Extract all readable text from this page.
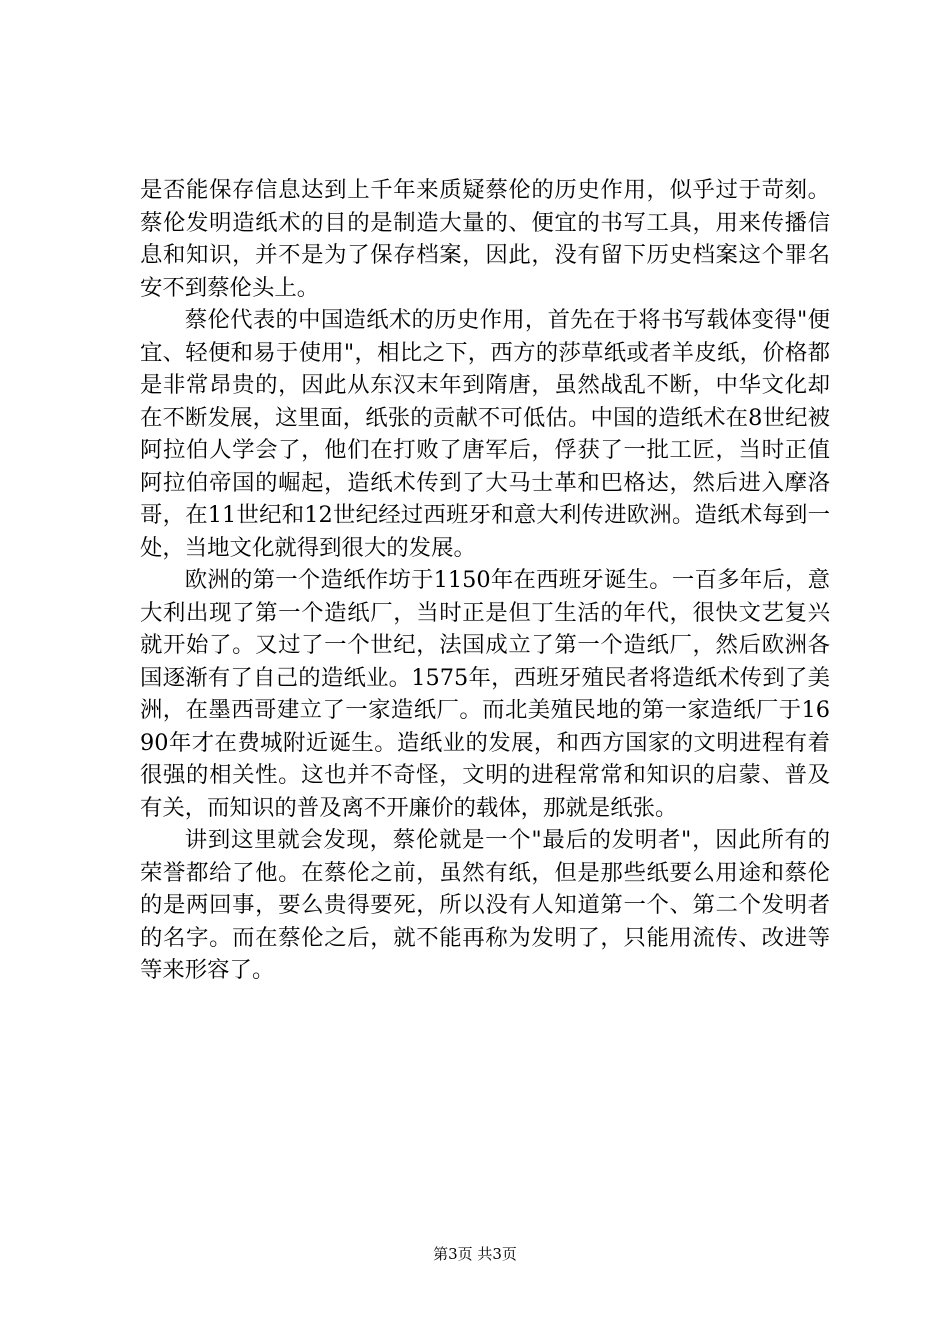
是否能保存信息达到上千年来质疑蔡伦的历史作用，似乎过于苛刻。蔡伦发明造纸术的目的是制造大量的、便宜的书写工具，用来传播信息和知识，并不是为了保存档案，因此，没有留下历史档案这个罪名安不到蔡伦头上。

蔡伦代表的中国造纸术的历史作用，首先在于将书写载体变得"便宜、轻便和易于使用"，相比之下，西方的莎草纸或者羊皮纸，价格都是非常昂贵的，因此从东汉末年到隋唐，虽然战乱不断，中华文化却在不断发展，这里面，纸张的贡献不可低估。中国的造纸术在8世纪被阿拉伯人学会了，他们在打败了唐军后，俘获了一批工匠，当时正值阿拉伯帝国的崛起，造纸术传到了大马士革和巴格达，然后进入摩洛哥，在11世纪和12世纪经过西班牙和意大利传进欧洲。造纸术每到一处，当地文化就得到很大的发展。

欧洲的第一个造纸作坊于1150年在西班牙诞生。一百多年后，意大利出现了第一个造纸厂，当时正是但丁生活的年代，很快文艺复兴就开始了。又过了一个世纪，法国成立了第一个造纸厂，然后欧洲各国逐渐有了自己的造纸业。1575年，西班牙殖民者将造纸术传到了美洲，在墨西哥建立了一家造纸厂。而北美殖民地的第一家造纸厂于1690年才在费城附近诞生。造纸业的发展，和西方国家的文明进程有着很强的相关性。这也并不奇怪，文明的进程常常和知识的启蒙、普及有关，而知识的普及离不开廉价的载体，那就是纸张。

讲到这里就会发现，蔡伦就是一个"最后的发明者"，因此所有的荣誉都给了他。在蔡伦之前，虽然有纸，但是那些纸要么用途和蔡伦的是两回事，要么贵得要死，所以没有人知道第一个、第二个发明者的名字。而在蔡伦之后，就不能再称为发明了，只能用流传、改进等等来形容了。

第3页 共3页
